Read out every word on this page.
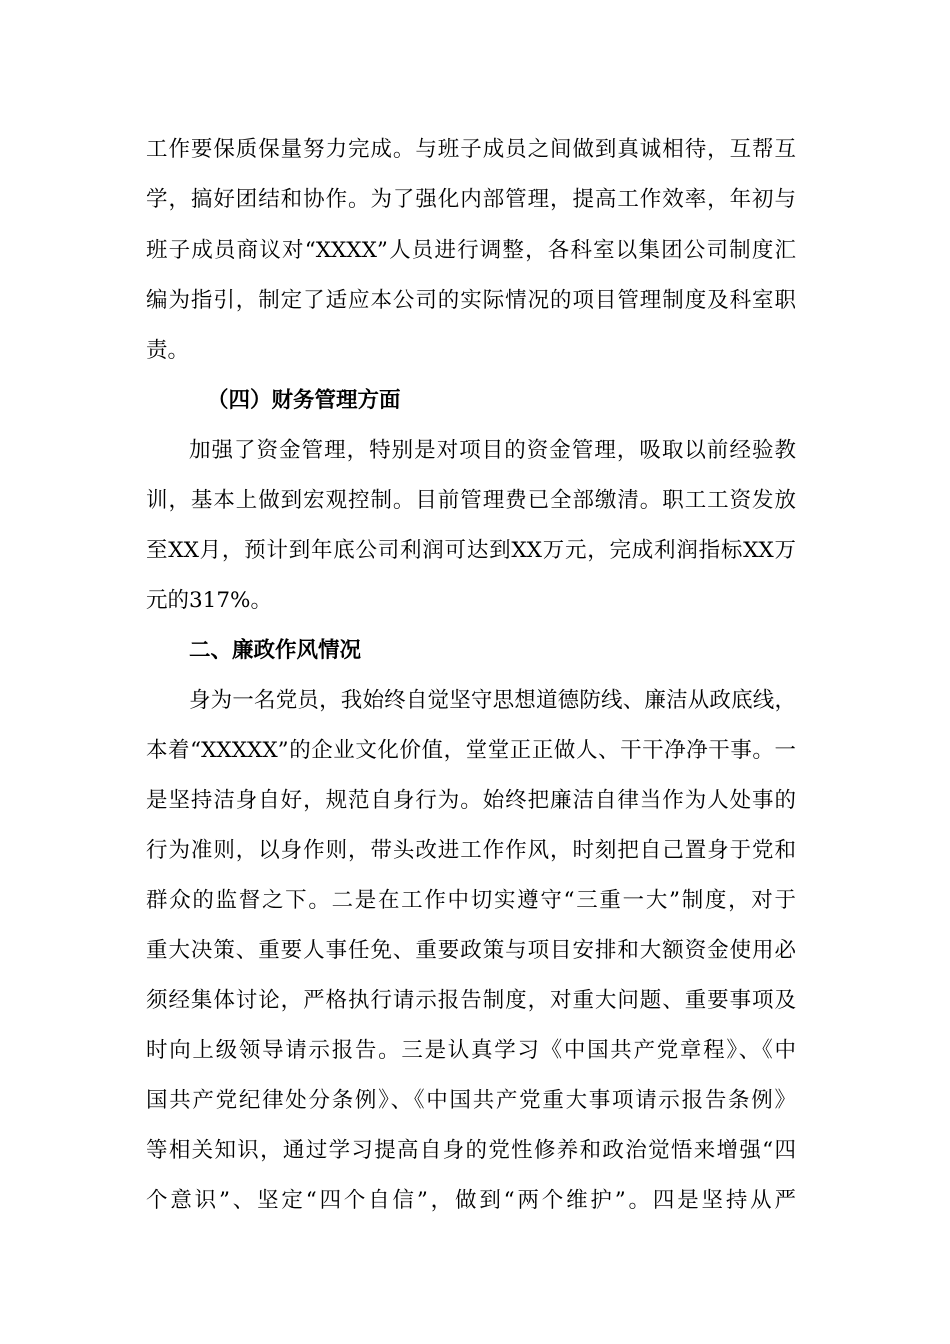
工作要保质保量努力完成。与班子成员之间做到真诚相待，互帮互
学，搞好团结和协作。为了强化内部管理，提高工作效率，年初与
班子成员商议对“XXXX”人员进行调整，各科室以集团公司制度汇
编为指引，制定了适应本公司的实际情况的项目管理制度及科室职
责。
（四）财务管理方面
加强了资金管理，特别是对项目的资金管理，吸取以前经验教
训，基本上做到宏观控制。目前管理费已全部缴清。职工工资发放
至XX月，预计到年底公司利润可达到XX万元，完成利润指标XX万
元的317%。
二、廉政作风情况
身为一名党员，我始终自觉坚守思想道德防线、廉洁从政底线，
本着“XXXXX”的企业文化价值，堂堂正正做人、干干净净干事。一
是坚持洁身自好，规范自身行为。始终把廉洁自律当作为人处事的
行为准则，以身作则，带头改进工作作风，时刻把自己置身于党和
群众的监督之下。二是在工作中切实遵守“三重一大”制度，对于
重大决策、重要人事任免、重要政策与项目安排和大额资金使用必
须经集体讨论，严格执行请示报告制度，对重大问题、重要事项及
时向上级领导请示报告。三是认真学习《中国共产党章程》、《中
国共产党纪律处分条例》、《中国共产党重大事项请示报告条例》
等相关知识，通过学习提高自身的党性修养和政治觉悟来增强“四
个意识”、坚定“四个自信”，做到“两个维护”。四是坚持从严
